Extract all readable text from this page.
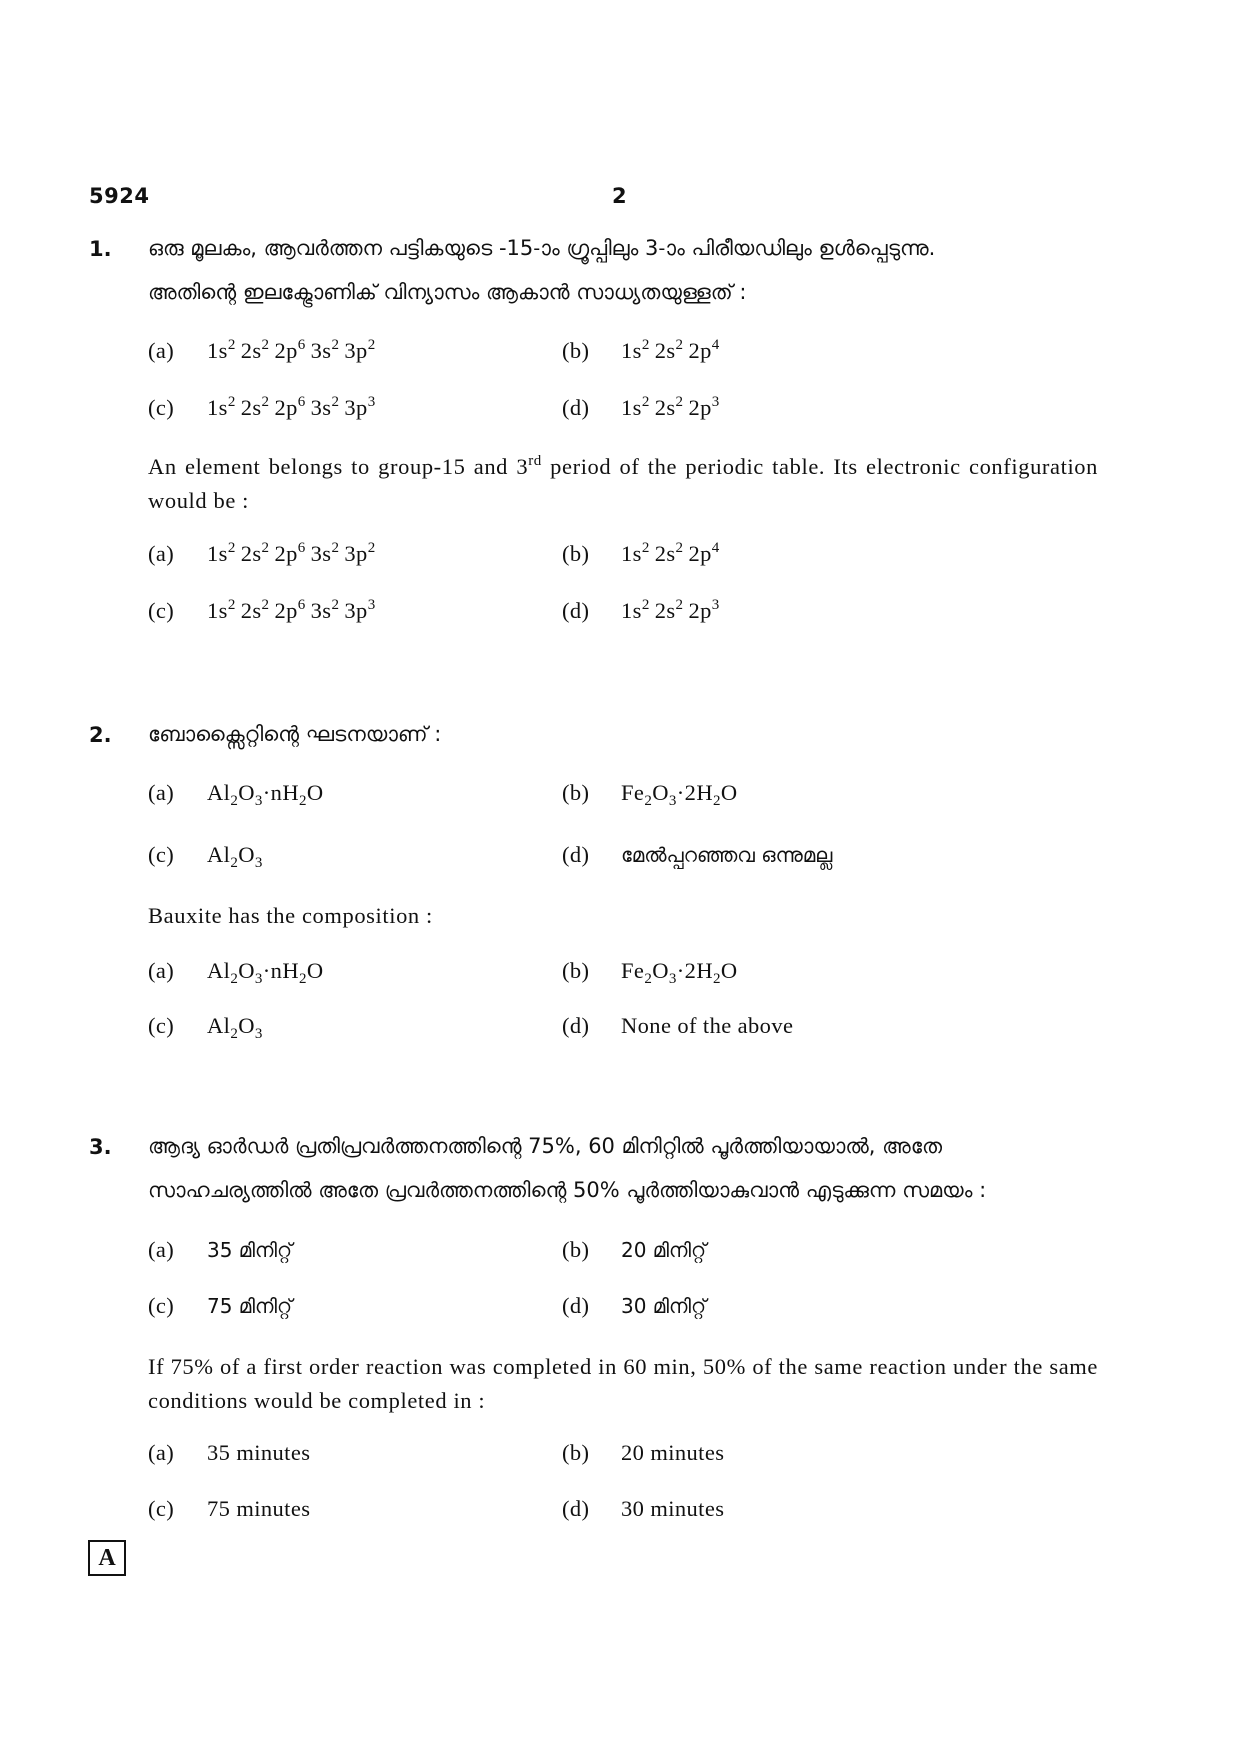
5924	2
1. ഒരു മൂലകം, ആവർത്തന പട്ടികയുടെ -15-ാം ഗ്രൂപ്പിലും 3-ാം പിരീയഡിലും ഉൾപ്പെടുന്നു.
അതിന്റെ ഇലക്ട്രോണിക് വിന്യാസം ആകാൻ സാധ്യതയുള്ളത് :
(a) $1s^2$ $2s^2$ $2p^6$ $3s^2$ $3p^2$	(b) $1s^2$ $2s^2$ $2p^4$
(c) $1s^2$ $2s^2$ $2p^6$ $3s^2$ $3p^3$	(d) $1s^2$ $2s^2$ $2p^3$
An element belongs to group-15 and 3rd period of the periodic table. Its electronic configuration would be :
(a) $1s^2$ $2s^2$ $2p^6$ $3s^2$ $3p^2$	(b) $1s^2$ $2s^2$ $2p^4$
(c) $1s^2$ $2s^2$ $2p^6$ $3s^2$ $3p^3$	(d) $1s^2$ $2s^2$ $2p^3$
2. ബോക്സൈറ്റിന്റെ ഘടനയാണ് :
(a) $Al_2O_3\cdot nH_2O$	(b) $Fe_2O_3\cdot 2H_2O$
(c) $Al_2O_3$	(d) മേൽപ്പറഞ്ഞവ ഒന്നുമല്ല
Bauxite has the composition :
(a) $Al_2O_3\cdot nH_2O$	(b) $Fe_2O_3\cdot 2H_2O$
(c) $Al_2O_3$	(d) None of the above
3. ആദ്യ ഓർഡർ പ്രതിപ്രവർത്തനത്തിന്റെ 75%, 60 മിനിറ്റിൽ പൂർത്തിയായാൽ, അതേ
സാഹചര്യത്തിൽ അതേ പ്രവർത്തനത്തിന്റെ 50% പൂർത്തിയാകുവാൻ എടുക്കുന്ന സമയം :
(a) 35 മിനിറ്റ്	(b) 20 മിനിറ്റ്
(c) 75 മിനിറ്റ്	(d) 30 മിനിറ്റ്
If 75% of a first order reaction was completed in 60 min, 50% of the same reaction under the same conditions would be completed in :
(a) 35 minutes	(b) 20 minutes
(c) 75 minutes	(d) 30 minutes
A
